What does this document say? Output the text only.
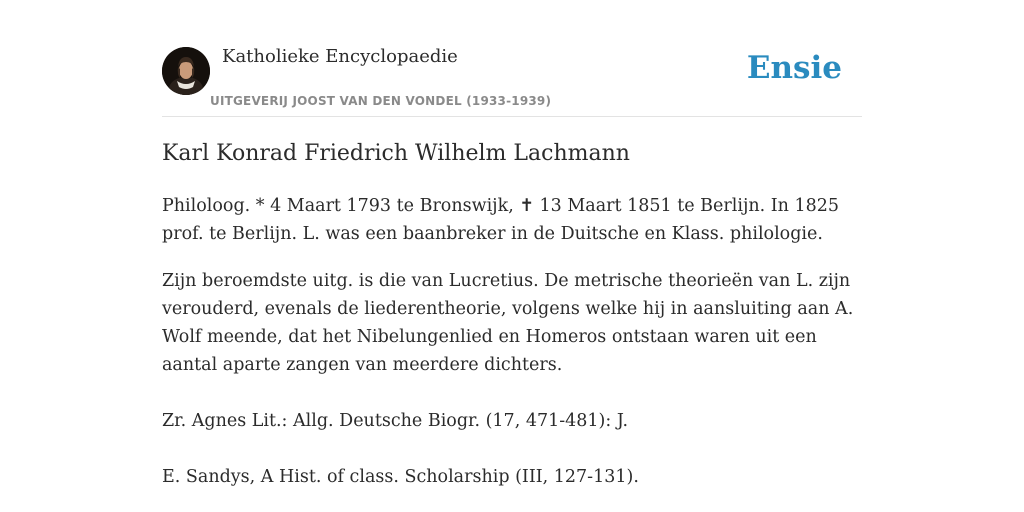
Katholieke Encyclopaedie
UITGEVERIJ JOOST VAN DEN VONDEL (1933-1939)
Ensie
Karl Konrad Friedrich Wilhelm Lachmann

Philoloog. * 4 Maart 1793 te Bronswijk, ✝ 13 Maart 1851 te Berlijn. In 1825 prof. te Berlijn. L. was een baanbreker in de Duitsche en Klass. philologie.

Zijn beroemdste uitg. is die van Lucretius. De metrische theorieën van L. zijn verouderd, evenals de liederentheorie, volgens welke hij in aansluiting aan A. Wolf meende, dat het Nibelungenlied en Homeros ontstaan waren uit een aantal aparte zangen van meerdere dichters.

Zr. Agnes Lit.: Allg. Deutsche Biogr. (17, 471-481): J.

E. Sandys, A Hist. of class. Scholarship (III, 127-131).
